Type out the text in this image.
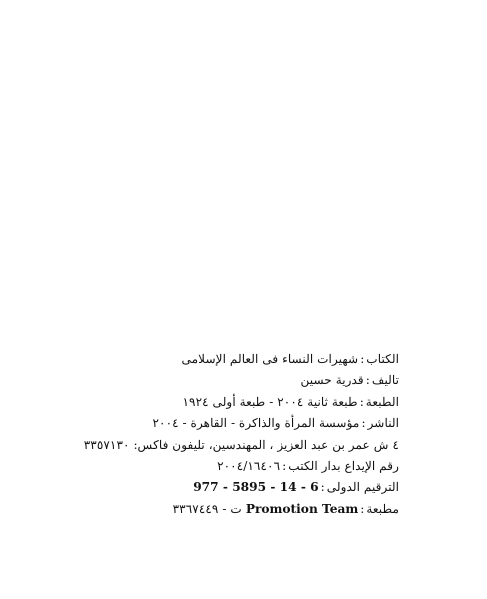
الكتاب
:
شهيرات النساء فى العالم الإسلامى
تاليف
:
قدرية حسين
الطبعة
:
طبعة ثانية ٢٠٠٤ - طبعة أولى ١٩٢٤
الناشر
:
مؤسسة المرأة والذاكرة - القاهرة - ٢٠٠٤
٤ ش عمر بن عبد العزيز ، المهندسين، تليفون فاكس: ٣٣٥٧١٣٠
رقم الإيداع بدار الكتب
:
٢٠٠٤/١٦٤٠٦
الترقيم الدولى
:
977 - 5895 - 14 - 6
مطبعة
:
Promotion Team
ت - ٣٣٦٧٤٤٩
